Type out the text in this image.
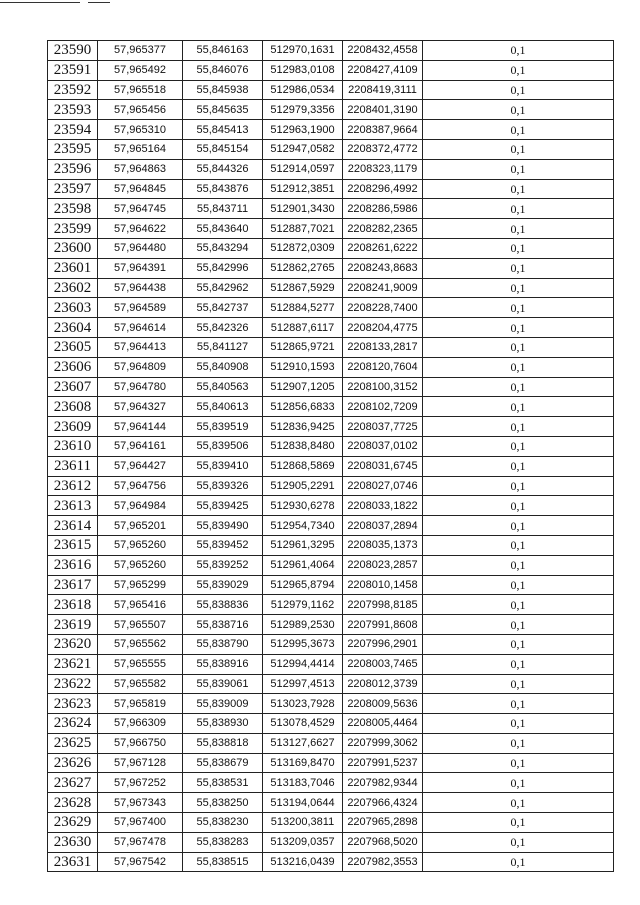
23590	57,965377	55,846163	512970,1631	2208432,4558	0,1
23591	57,965492	55,846076	512983,0108	2208427,4109	0,1
23592	57,965518	55,845938	512986,0534	2208419,3111	0,1
23593	57,965456	55,845635	512979,3356	2208401,3190	0,1
23594	57,965310	55,845413	512963,1900	2208387,9664	0,1
23595	57,965164	55,845154	512947,0582	2208372,4772	0,1
23596	57,964863	55,844326	512914,0597	2208323,1179	0,1
23597	57,964845	55,843876	512912,3851	2208296,4992	0,1
23598	57,964745	55,843711	512901,3430	2208286,5986	0,1
23599	57,964622	55,843640	512887,7021	2208282,2365	0,1
23600	57,964480	55,843294	512872,0309	2208261,6222	0,1
23601	57,964391	55,842996	512862,2765	2208243,8683	0,1
23602	57,964438	55,842962	512867,5929	2208241,9009	0,1
23603	57,964589	55,842737	512884,5277	2208228,7400	0,1
23604	57,964614	55,842326	512887,6117	2208204,4775	0,1
23605	57,964413	55,841127	512865,9721	2208133,2817	0,1
23606	57,964809	55,840908	512910,1593	2208120,7604	0,1
23607	57,964780	55,840563	512907,1205	2208100,3152	0,1
23608	57,964327	55,840613	512856,6833	2208102,7209	0,1
23609	57,964144	55,839519	512836,9425	2208037,7725	0,1
23610	57,964161	55,839506	512838,8480	2208037,0102	0,1
23611	57,964427	55,839410	512868,5869	2208031,6745	0,1
23612	57,964756	55,839326	512905,2291	2208027,0746	0,1
23613	57,964984	55,839425	512930,6278	2208033,1822	0,1
23614	57,965201	55,839490	512954,7340	2208037,2894	0,1
23615	57,965260	55,839452	512961,3295	2208035,1373	0,1
23616	57,965260	55,839252	512961,4064	2208023,2857	0,1
23617	57,965299	55,839029	512965,8794	2208010,1458	0,1
23618	57,965416	55,838836	512979,1162	2207998,8185	0,1
23619	57,965507	55,838716	512989,2530	2207991,8608	0,1
23620	57,965562	55,838790	512995,3673	2207996,2901	0,1
23621	57,965555	55,838916	512994,4414	2208003,7465	0,1
23622	57,965582	55,839061	512997,4513	2208012,3739	0,1
23623	57,965819	55,839009	513023,7928	2208009,5636	0,1
23624	57,966309	55,838930	513078,4529	2208005,4464	0,1
23625	57,966750	55,838818	513127,6627	2207999,3062	0,1
23626	57,967128	55,838679	513169,8470	2207991,5237	0,1
23627	57,967252	55,838531	513183,7046	2207982,9344	0,1
23628	57,967343	55,838250	513194,0644	2207966,4324	0,1
23629	57,967400	55,838230	513200,3811	2207965,2898	0,1
23630	57,967478	55,838283	513209,0357	2207968,5020	0,1
23631	57,967542	55,838515	513216,0439	2207982,3553	0,1
